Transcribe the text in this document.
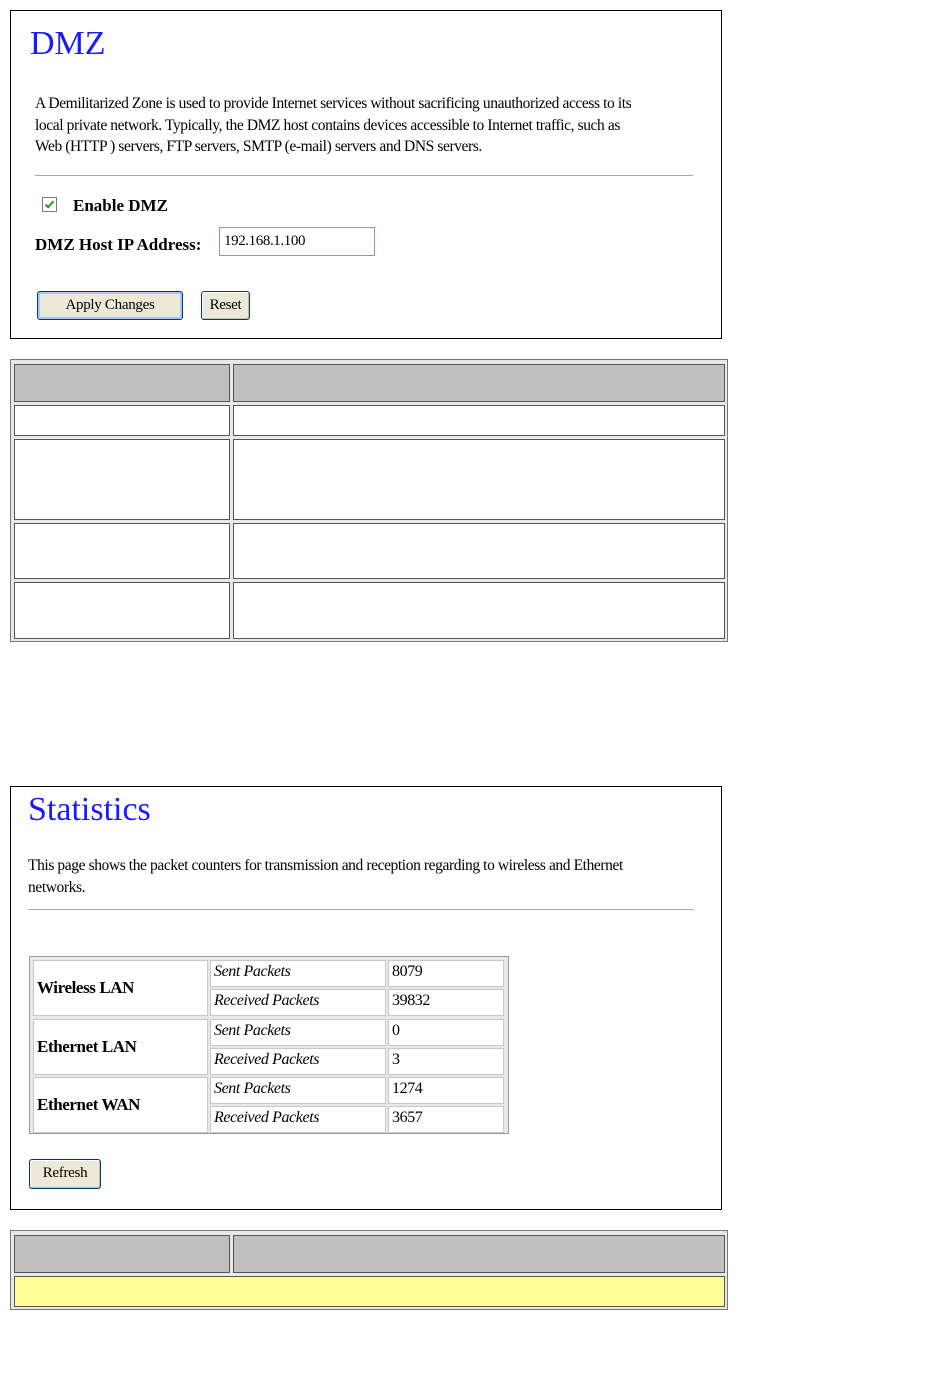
DMZ
A Demilitarized Zone is used to provide Internet services without sacrificing unauthorized access to its
local private network. Typically, the DMZ host contains devices accessible to Internet traffic, such as
Web (HTTP ) servers, FTP servers, SMTP (e-mail) servers and DNS servers.
Enable DMZ
DMZ Host IP Address:	192.168.1.100
Apply Changes	Reset
Statistics
This page shows the packet counters for transmission and reception regarding to wireless and Ethernet
networks.
Wireless LAN
Sent Packets	8079
Received Packets	39832
Ethernet LAN
Sent Packets	0
Received Packets	3
Ethernet WAN
Sent Packets	1274
Received Packets	3657
Refresh
